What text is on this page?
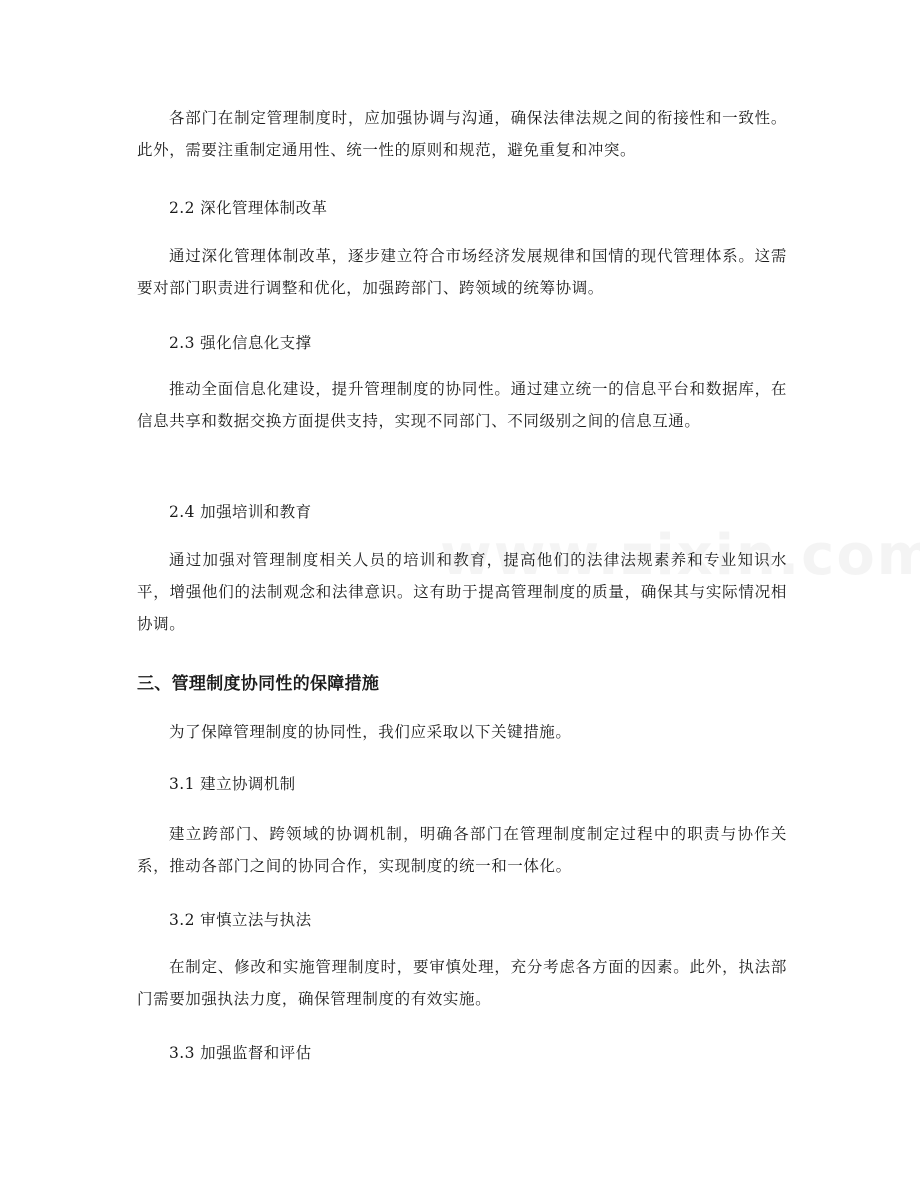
各部门在制定管理制度时，应加强协调与沟通，确保法律法规之间的衔接性和一致性。此外，需要注重制定通用性、统一性的原则和规范，避免重复和冲突。

2.2 深化管理体制改革

通过深化管理体制改革，逐步建立符合市场经济发展规律和国情的现代管理体系。这需要对部门职责进行调整和优化，加强跨部门、跨领域的统筹协调。

2.3 强化信息化支撑

推动全面信息化建设，提升管理制度的协同性。通过建立统一的信息平台和数据库，在信息共享和数据交换方面提供支持，实现不同部门、不同级别之间的信息互通。

2.4 加强培训和教育

通过加强对管理制度相关人员的培训和教育，提高他们的法律法规素养和专业知识水平，增强他们的法制观念和法律意识。这有助于提高管理制度的质量，确保其与实际情况相协调。

三、管理制度协同性的保障措施

为了保障管理制度的协同性，我们应采取以下关键措施。

3.1 建立协调机制

建立跨部门、跨领域的协调机制，明确各部门在管理制度制定过程中的职责与协作关系，推动各部门之间的协同合作，实现制度的统一和一体化。

3.2 审慎立法与执法

在制定、修改和实施管理制度时，要审慎处理，充分考虑各方面的因素。此外，执法部门需要加强执法力度，确保管理制度的有效实施。

3.3 加强监督和评估
